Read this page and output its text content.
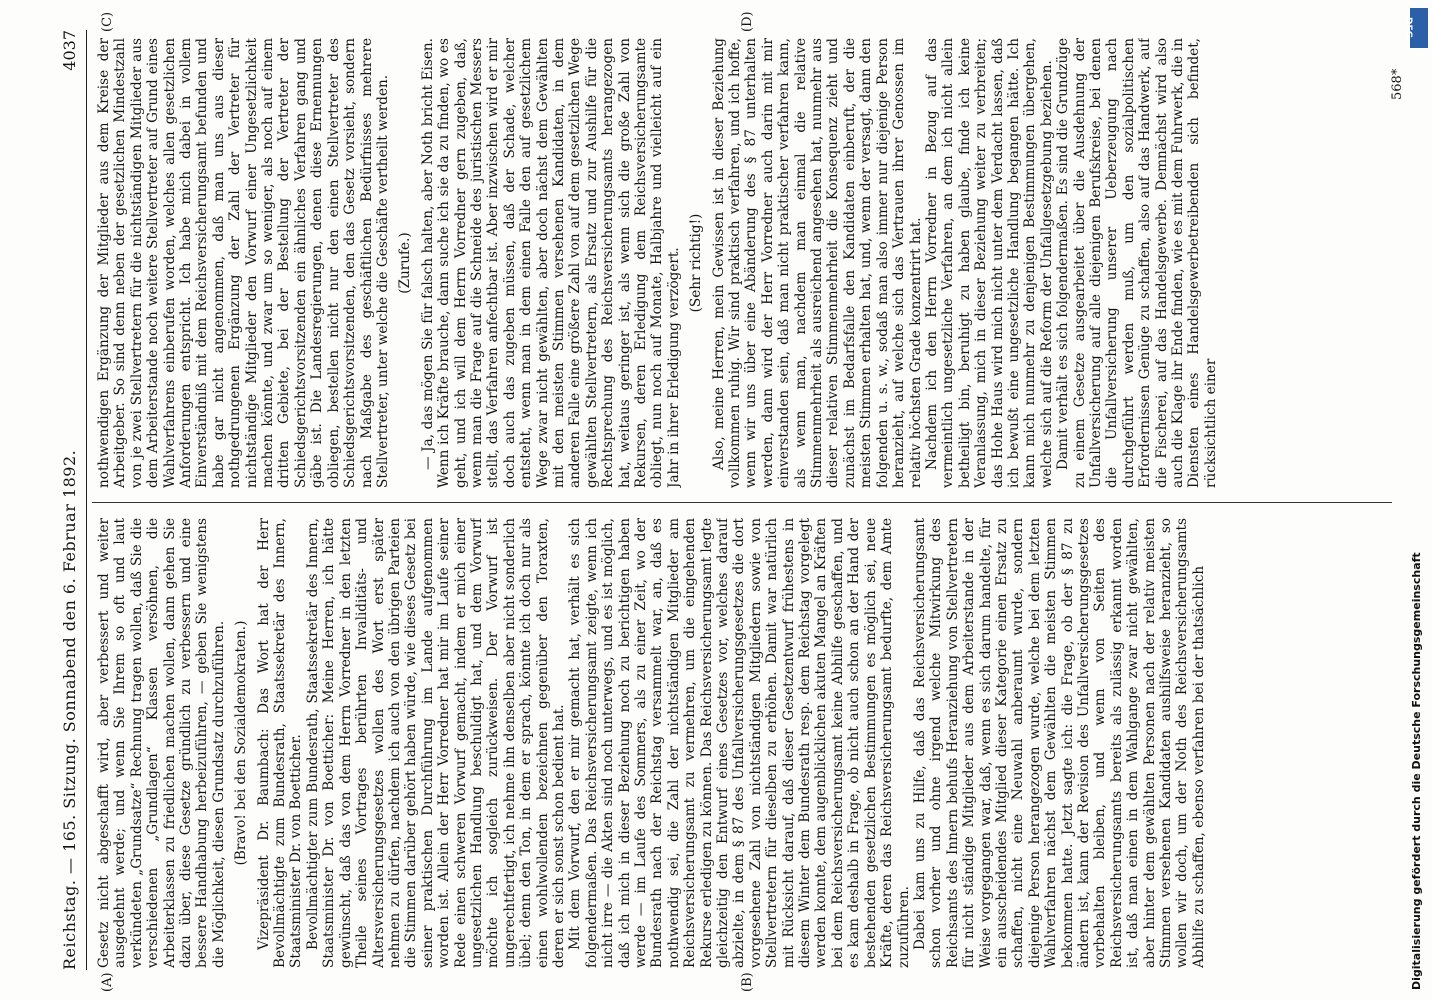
Reichstag. — 165. Sitzung. Sonnabend den 6. Februar 1892.
4037
(A)	(B)
(C)	(D)

Gesetz nicht abgeschafft wird, aber verbessert und weiter ausgedehnt werde; und wenn Sie Ihrem so oft und laut verkündeten „Grundsatze“ Rechnung tragen wollen, daß Sie die verschiedenen „Grundlagen“ Klassen versöhnen, die Arbeiterklassen zu friedlichen machen wollen, dann gehen Sie dazu über, diese Gesetze gründlich zu verbessern und eine bessere Handhabung herbeizuführen, — geben Sie wenigstens die Möglichkeit, diesen Grundsatz durchzuführen. (Bravo! bei den Sozialdemokraten.) Vizepräsident Dr. Baumbach: Das Wort hat der Herr Bevollmächtigte zum Bundesrath, Staatssekretär des Innern, Staatsminister Dr. von Boetticher. Bevollmächtigter zum Bundesrath, Staatssekretär des Innern, Staatsminister Dr. von Boetticher: Meine Herren, ich hätte gewünscht, daß das von dem Herrn Vorredner in den letzten Theile seines Vortrages berührten Invaliditäts- und Altersversicherungsgesetzes wollen des Wort erst später nehmen zu dürfen, nachdem ich auch von den übrigen Parteien die Stimmen darüber gehört haben würde, wie dieses Gesetz bei seiner praktischen Durchführung im Lande aufgenommen worden ist. Allein der Herr Vorredner hat mir im Laufe seiner Rede einen schweren Vorwurf gemacht, indem er mich einer ungesetzlichen Handlung beschuldigt hat, und dem Vorwurf möchte ich sogleich zurückweisen. Der Vorwurf ist ungerechtfertigt, ich nehme ihn denselben aber nicht sonderlich übel; denn den Ton, in dem er sprach, könnte ich doch nur als einen wohlwollenden bezeichnen gegenüber den Toraxten, deren er sich sonst schon bedient hat. Mit dem Vorwurf, den er mir gemacht hat, verhält es sich folgendermaßen. Das Reichsversicherungsamt zeigte, wenn ich nicht irre — die Akten sind noch unterwegs, und es ist möglich, daß ich mich in dieser Beziehung noch zu berichtigen haben werde — im Laufe des Sommers, als zu einer Zeit, wo der Bundesrath nach der Reichstag versammelt war, an, daß es nothwendig sei, die Zahl der nichtständigen Mitglieder am Reichsversicherungsamt zu vermehren, um die eingehenden Rekurse erledigen zu können. Das Reichsversicherungsamt legte gleichzeitig den Entwurf eines Gesetzes vor, welches darauf abzielte, in dem § 87 des Unfallversicherungsgesetzes die dort vorgesehene Zahl von nichtständigen Mitgliedern sowie von Stellvertretern für dieselben zu erhöhen. Damit war natürlich mit Rücksicht darauf, daß dieser Gesetzentwurf frühestens in diesem Winter dem Bundesrath resp. dem Reichstag vorgelegt werden konnte, dem augenblicklichen akuten Mangel an Kräften bei dem Reichsversicherungsamt keine Abhilfe geschaffen, und es kam deshalb in Frage, ob nicht auch schon an der Hand der bestehenden gesetzlichen Bestimmungen es möglich sei, neue Kräfte, deren das Reichsversicherungsamt bedurfte, dem Amte zuzuführen. Dabei kam uns zu Hilfe, daß das Reichsversicherungsamt schon vorher und ohne irgend welche Mitwirkung des Reichsamts des Innern behufs Heranziehung von Stellvertretern für nicht ständige Mitglieder aus dem Arbeiterstande in der Weise vorgegangen war, daß, wenn es sich darum handelte, für ein ausscheidendes Mitglied dieser Kategorie einen Ersatz zu schaffen, nicht eine Neuwahl anberaumt wurde, sondern diejenige Person herangezogen wurde, welche bei dem letzten Wahlverfahren nächst dem Gewählten die meisten Stimmen bekommen hatte. Jetzt sagte ich: die Frage, ob der § 87 zu ändern ist, kann der Revision des Unfallversicherungsgesetzes vorbehalten bleiben, und wenn von Seiten des Reichsversicherungsamts bereits als zulässig erkannt worden ist, daß man einen in dem Wahlgange zwar nicht gewählten, aber hinter dem gewählten Personen nach der relativ meisten Stimmen versehenen Kandidaten aushilfsweise heranzieht, so wollen wir doch, um der Noth des Reichsversicherungsamts Abhilfe zu schaffen, ebenso verfahren bei der thatsächlich

nothwendigen Ergänzung der Mitglieder aus dem Kreise der Arbeitgeber. So sind denn neben der gesetzlichen Mindestzahl von je zwei Stellvertretern für die nichtständigen Mitglieder aus dem Arbeiterstande noch weitere Stellvertreter auf Grund eines Wahlverfahrens einberufen worden, welches allen gesetzlichen Anforderungen entspricht. Ich habe mich dabei in vollem Einverständniß mit dem Reichsversicherungsamt befunden und habe gar nicht angenommen, daß man uns aus dieser nothgedrungenen Ergänzung der Zahl der Vertreter für nichtständige Mitglieder den Vorwurf einer Ungesetzlichkeit machen könnte, und zwar um so weniger, als noch auf einem dritten Gebiete, bei der Bestellung der Vertreter der Schiedsgerichtsvorsitzenden ein ähnliches Verfahren gang und gäbe ist. Die Landesregierungen, denen diese Ernennungen obliegen, bestellen nicht nur den einen Stellvertreter des Schiedsgerichtsvorsitzenden, den das Gesetz vorsieht, sondern nach Maßgabe des geschäftlichen Bedürfnisses mehrere Stellvertreter, unter welche die Geschäfte vertheilt werden. (Zurufe.) — Ja, das mögen Sie für falsch halten, aber Noth bricht Eisen. Wenn ich Kräfte brauche, dann suche ich sie da zu finden, wo es geht, und ich will dem Herrn Vorredner gern zugeben, daß, wenn man die Frage auf die Schneide des juristischen Messers stellt, das Verfahren anfechtbar ist. Aber inzwischen wird er mir doch auch das zugeben müssen, daß der Schade, welcher entsteht, wenn man in dem einen Falle den auf gesetzlichem Wege zwar nicht gewählten, aber doch nächst dem Gewählten mit den meisten Stimmen versehenen Kandidaten, in dem anderen Falle eine größere Zahl von auf dem gesetzlichen Wege gewählten Stellvertretern, als Ersatz und zur Aushilfe für die Rechtsprechung des Reichsversicherungsamts herangezogen hat, weitaus geringer ist, als wenn sich die große Zahl von Rekursen, deren Erledigung dem Reichsversicherungsamte obliegt, nun noch auf Monate, Halbjahre und vielleicht auf ein Jahr in ihrer Erledigung verzögert. (Sehr richtig!) Also, meine Herren, mein Gewissen ist in dieser Beziehung vollkommen ruhig. Wir sind praktisch verfahren, und ich hoffe, wenn wir uns über eine Abänderung des § 87 unterhalten werden, dann wird der Herr Vorredner auch darin mit mir einverstanden sein, daß man nicht praktischer verfahren kann, als wenn man, nachdem man einmal die relative Stimmenmehrheit als ausreichend angesehen hat, nunmehr aus dieser relativen Stimmenmehrheit die Konsequenz zieht und zunächst im Bedarfsfalle den Kandidaten einberuft, der die meisten Stimmen erhalten hat, und, wenn der versagt, dann den folgenden u. s. w., sodaß man also immer nur diejenige Person heranzieht, auf welche sich das Vertrauen ihrer Genossen im relativ höchsten Grade konzentrirt hat. Nachdem ich den Herrn Vorredner in Bezug auf das vermeintlich ungesetzliche Verfahren, an dem ich nicht allein betheiligt bin, beruhigt zu haben glaube, finde ich keine Veranlassung, mich in dieser Beziehung weiter zu verbreiten; das Hohe Haus wird mich nicht unter dem Verdacht lassen, daß ich bewußt eine ungesetzliche Handlung begangen hätte. Ich kann mich nunmehr zu denjenigen Bestimmungen übergehen, welche sich auf die Reform der Unfallgesetzgebung beziehen. Damit verhält es sich folgendermaßen. Es sind die Grundzüge zu einem Gesetze ausgearbeitet über die Ausdehnung der Unfallversicherung auf alle diejenigen Berufskreise, bei denen die Unfallversicherung unserer Ueberzeugung nach durchgeführt werden muß, um den sozialpolitischen Erfordernissen Genüge zu schaffen, also auf das Handwerk, auf die Fischerei, auf das Handelsgewerbe. Demnächst wird also auch die Klage ihr Ende finden, wie es mit dem Fuhrwerk, die in Diensten eines Handelsgewerbetreibenden sich befindet, rücksichtlich einer

568*
DFG
Digitalisierung gefördert durch die Deutsche Forschungsgemeinschaft
